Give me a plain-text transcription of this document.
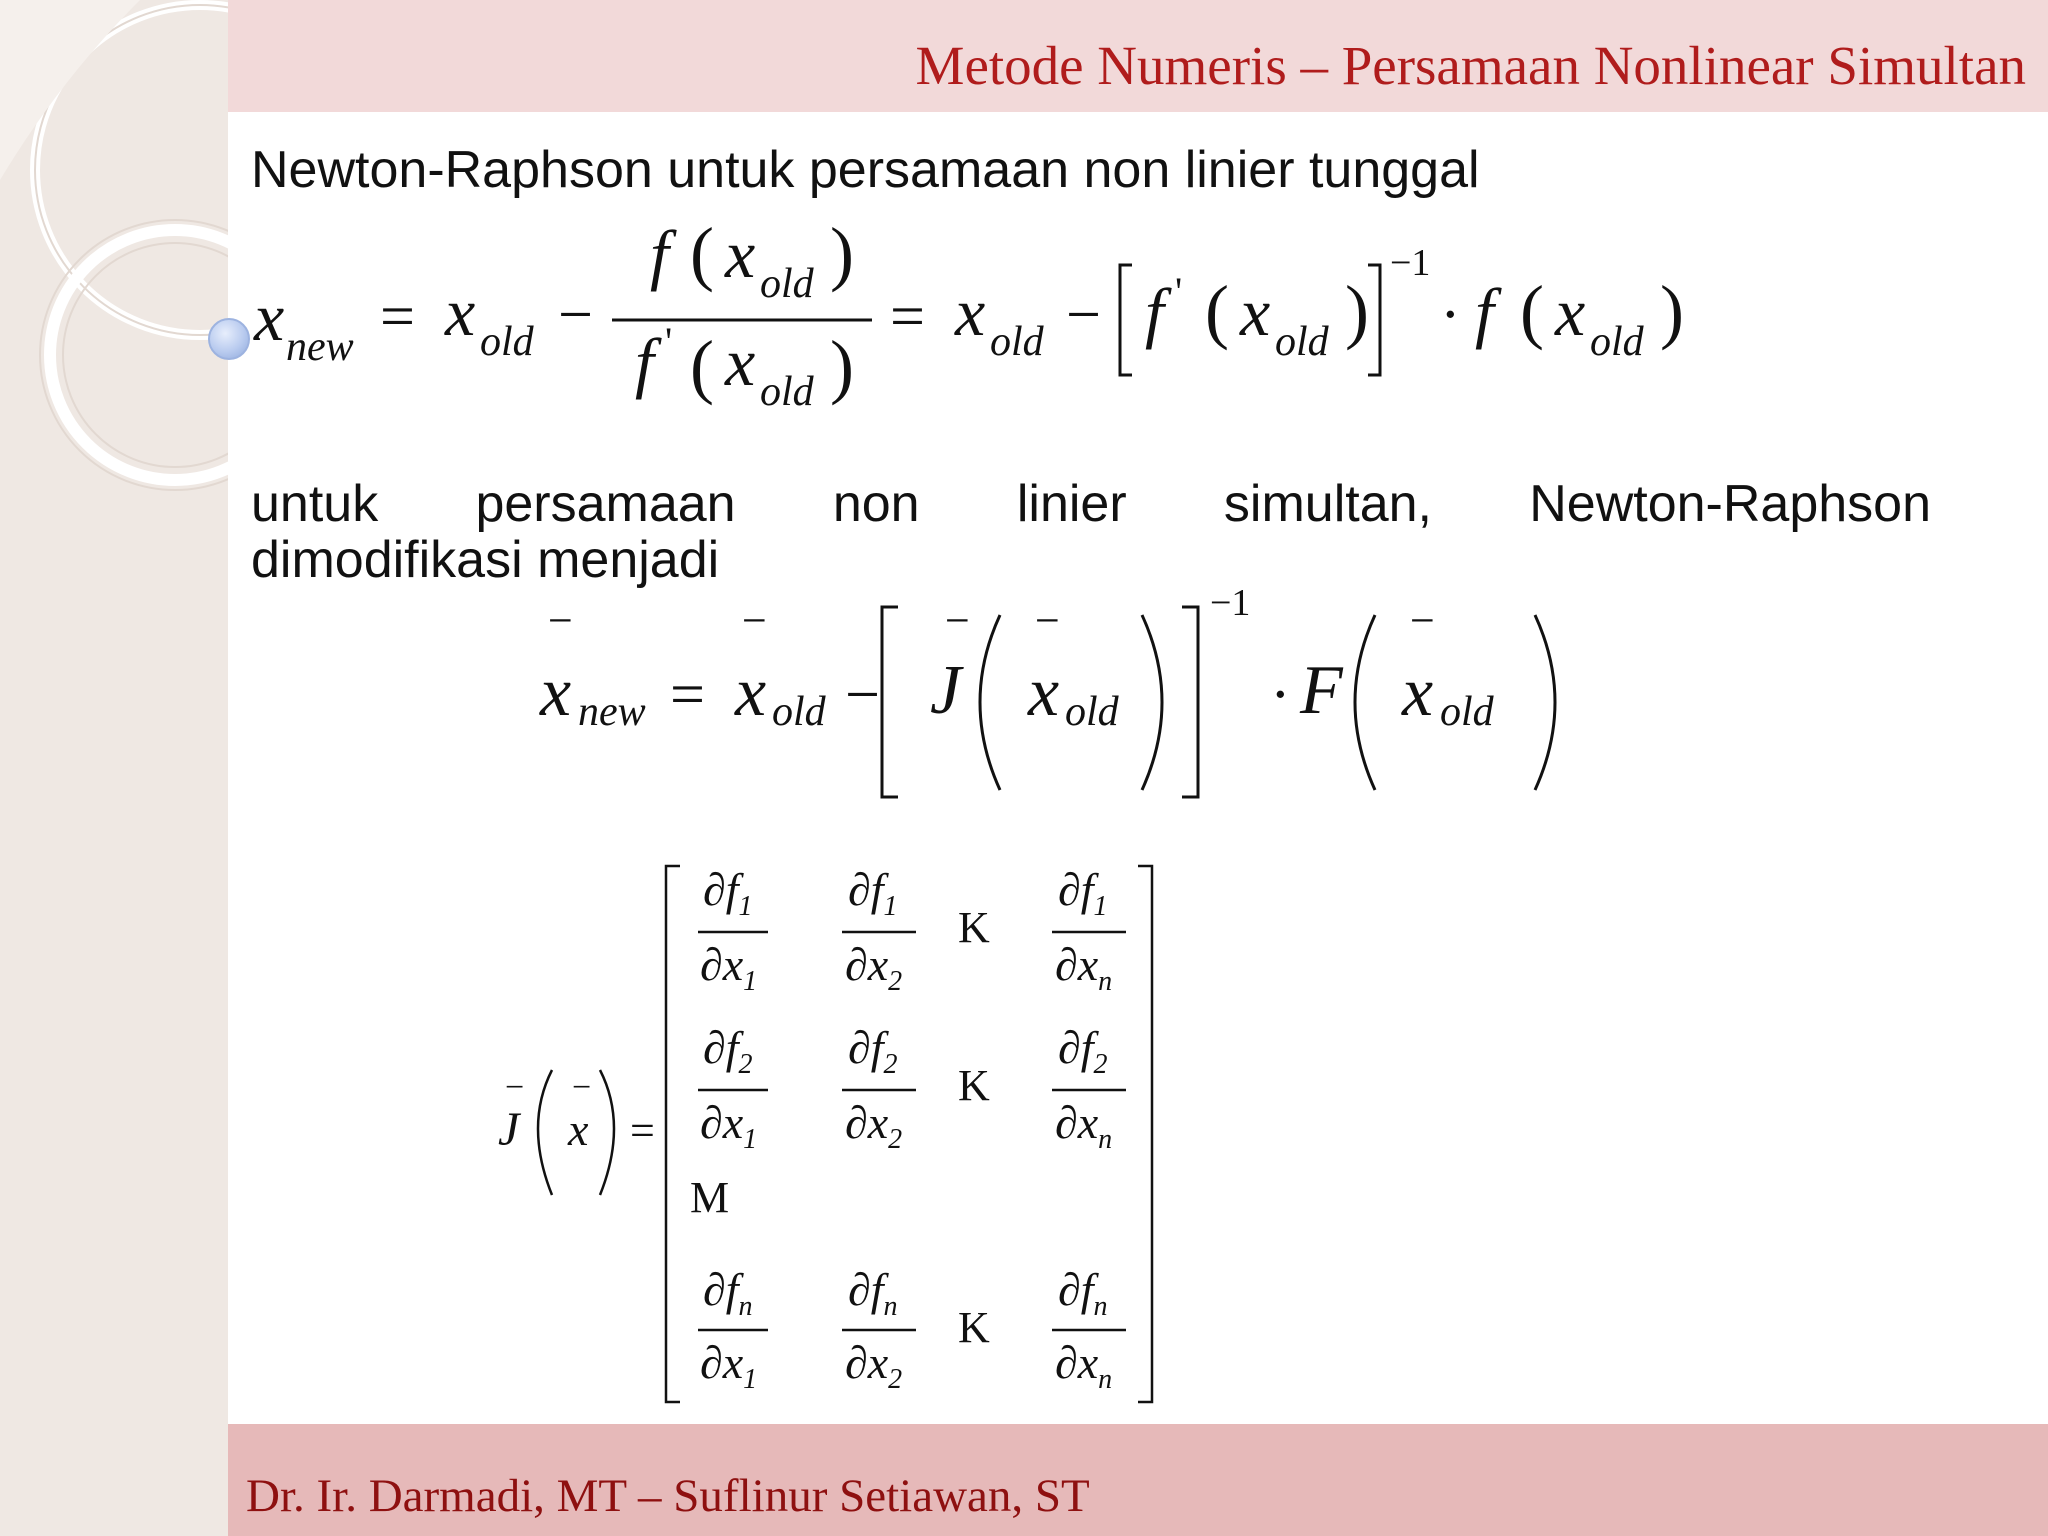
Metode Numeris – Persamaan Nonlinear Simultan
Newton-Raphson untuk persamaan non linier tunggal
x new = x old −
f ( x old )
f ' ( x old )
= x old − f ' ( x old )
−1
· f ( x old )
untuk persamaan non linier simultan, Newton-Raphson
dimodifikasi menjadi
−
x new =
−
x old −
−
J
−
x old
−1
· F
−
x old
−
J
−
x =
$\partial f_1$
$\partial x_1$
$\partial f_1$
$\partial x_2$
K
$\partial f_1$
$\partial x_n$
$\partial f_2$
$\partial x_1$
$\partial f_2$
$\partial x_2$
K
$\partial f_2$
$\partial x_n$
M
$\partial f_n$
$\partial x_1$
$\partial f_n$
$\partial x_2$
K
$\partial f_n$
$\partial x_n$
Dr. Ir. Darmadi, MT – Suflinur Setiawan, ST
